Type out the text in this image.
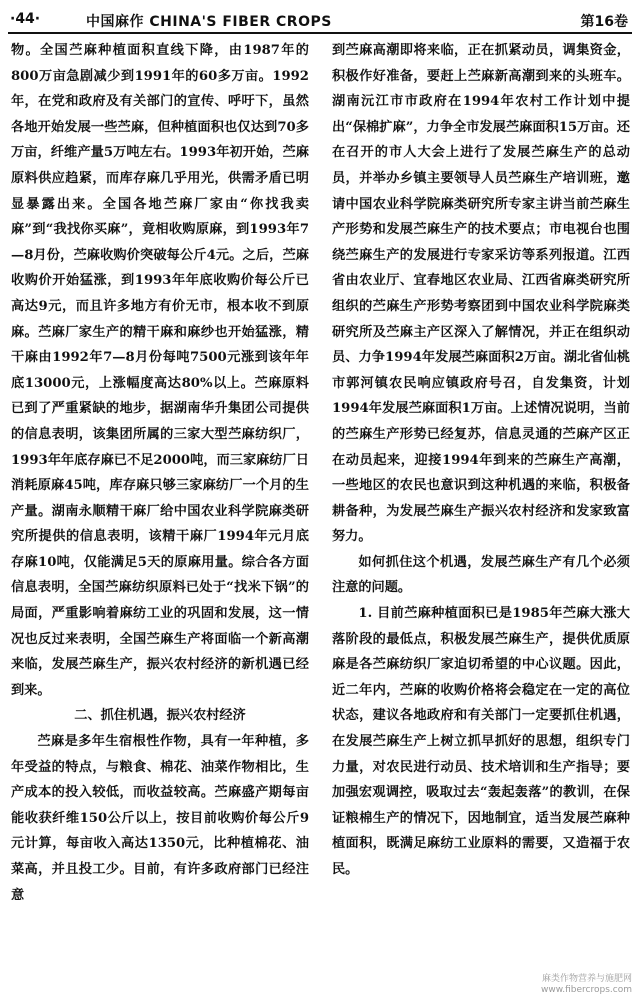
·44·	中国麻作 CHINA'S FIBER CROPS	第16卷

物。全国苎麻种植面积直线下降，由1987年的800万亩急剧减少到1991年的60多万亩。1992年，在党和政府及有关部门的宣传、呼吁下，虽然各地开始发展一些苎麻，但种植面积也仅达到70多万亩，纤维产量5万吨左右。1993年初开始，苎麻原料供应趋紧，而库存麻几乎用光，供需矛盾已明显暴露出来。全国各地苎麻厂家由“你找我卖麻”到“我找你买麻”，竟相收购原麻，到1993年7—8月份，苎麻收购价突破每公斤4元。之后，苎麻收购价开始猛涨，到1993年年底收购价每公斤已高达9元，而且许多地方有价无市，根本收不到原麻。苎麻厂家生产的精干麻和麻纱也开始猛涨，精干麻由1992年7—8月份每吨7500元涨到该年年底13000元，上涨幅度高达80%以上。苎麻原料已到了严重紧缺的地步，据湖南华升集团公司提供的信息表明，该集团所属的三家大型苎麻纺织厂，1993年年底存麻已不足2000吨，而三家麻纺厂日消耗原麻45吨，库存麻只够三家麻纺厂一个月的生产量。湖南永顺精干麻厂给中国农业科学院麻类研究所提供的信息表明，该精干麻厂1994年元月底存麻10吨，仅能满足5天的原麻用量。综合各方面信息表明，全国苎麻纺织原料已处于“找米下锅”的局面，严重影响着麻纺工业的巩固和发展，这一情况也反过来表明，全国苎麻生产将面临一个新高潮来临，发展苎麻生产，振兴农村经济的新机遇已经到来。

二、抓住机遇，振兴农村经济

苎麻是多年生宿根性作物，具有一年种植，多年受益的特点，与粮食、棉花、油菜作物相比，生产成本的投入较低，而收益较高。苎麻盛产期每亩能收获纤维150公斤以上，按目前收购价每公斤9元计算，每亩收入高达1350元，比种植棉花、油菜高，并且投工少。目前，有许多政府部门已经注意

到苎麻高潮即将来临，正在抓紧动员，调集资金，积极作好准备，要赶上苎麻新高潮到来的头班车。湖南沅江市市政府在1994年农村工作计划中提出“保棉扩麻”，力争全市发展苎麻面积15万亩。还在召开的市人大会上进行了发展苎麻生产的总动员，并举办乡镇主要领导人员苎麻生产培训班，邀请中国农业科学院麻类研究所专家主讲当前苎麻生产形势和发展苎麻生产的技术要点；市电视台也围绕苎麻生产的发展进行专家采访等系列报道。江西省由农业厅、宜春地区农业局、江西省麻类研究所组织的苎麻生产形势考察团到中国农业科学院麻类研究所及苎麻主产区深入了解情况，并正在组织动员、力争1994年发展苎麻面积2万亩。湖北省仙桃市郭河镇农民响应镇政府号召，自发集资，计划1994年发展苎麻面积1万亩。上述情况说明，当前的苎麻生产形势已经复苏，信息灵通的苎麻产区正在动员起来，迎接1994年到来的苎麻生产高潮，一些地区的农民也意识到这种机遇的来临，积极备耕备种，为发展苎麻生产振兴农村经济和发家致富努力。

如何抓住这个机遇，发展苎麻生产有几个必须注意的问题。

1. 目前苎麻种植面积已是1985年苎麻大涨大落阶段的最低点，积极发展苎麻生产，提供优质原麻是各苎麻纺织厂家迫切希望的中心议题。因此，近二年内，苎麻的收购价格将会稳定在一定的高位状态，建议各地政府和有关部门一定要抓住机遇，在发展苎麻生产上树立抓早抓好的思想，组织专门力量，对农民进行动员、技术培训和生产指导；要加强宏观调控，吸取过去“轰起轰落”的教训，在保证粮棉生产的情况下，因地制宜，适当发展苎麻种植面积，既满足麻纺工业原料的需要，又造福于农民。

麻类作物营养与施肥网
www.fibercrops.com
